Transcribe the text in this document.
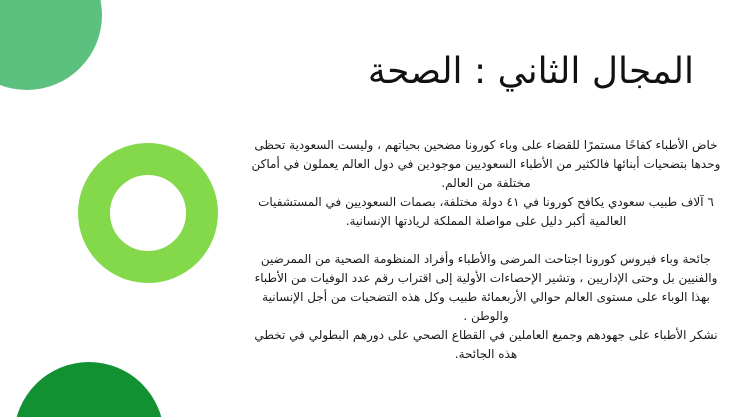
المجال الثاني : الصحة

خاض الأطباء كفاحًا مستمرًا للقضاء على وباء كورونا مضحين بحياتهم ، وليست السعودية تحظى وحدها بتضحيات أبنائها فالكثير من الأطباء السعوديين موجودين في دول العالم يعملون في أماكن مختلفة من العالم.

٦ آلاف طبيب سعودي يكافح كورونا في ٤١ دولة مختلفة، بصمات السعوديين في المستشفيات العالمية أكبر دليل على مواصلة المملكة لريادتها الإنسانية.

جائحة وباء فيروس كورونا اجتاحت المرضى والأطباء وأفراد المنظومة الصحية من الممرضين والفنيين بل وحتى الإداريين ، وتشير الإحصاءات الأولية إلى اقتراب رقم عدد الوفيات من الأطباء بهذا الوباء على مستوى العالم حوالي الأربعمائة طبيب وكل هذه التضحيات من أجل الإنسانية والوطن .

نشكر الأطباء على جهودهم وجميع العاملين في القطاع الصحي على دورهم البطولي في تخطي هذه الجائحة.
